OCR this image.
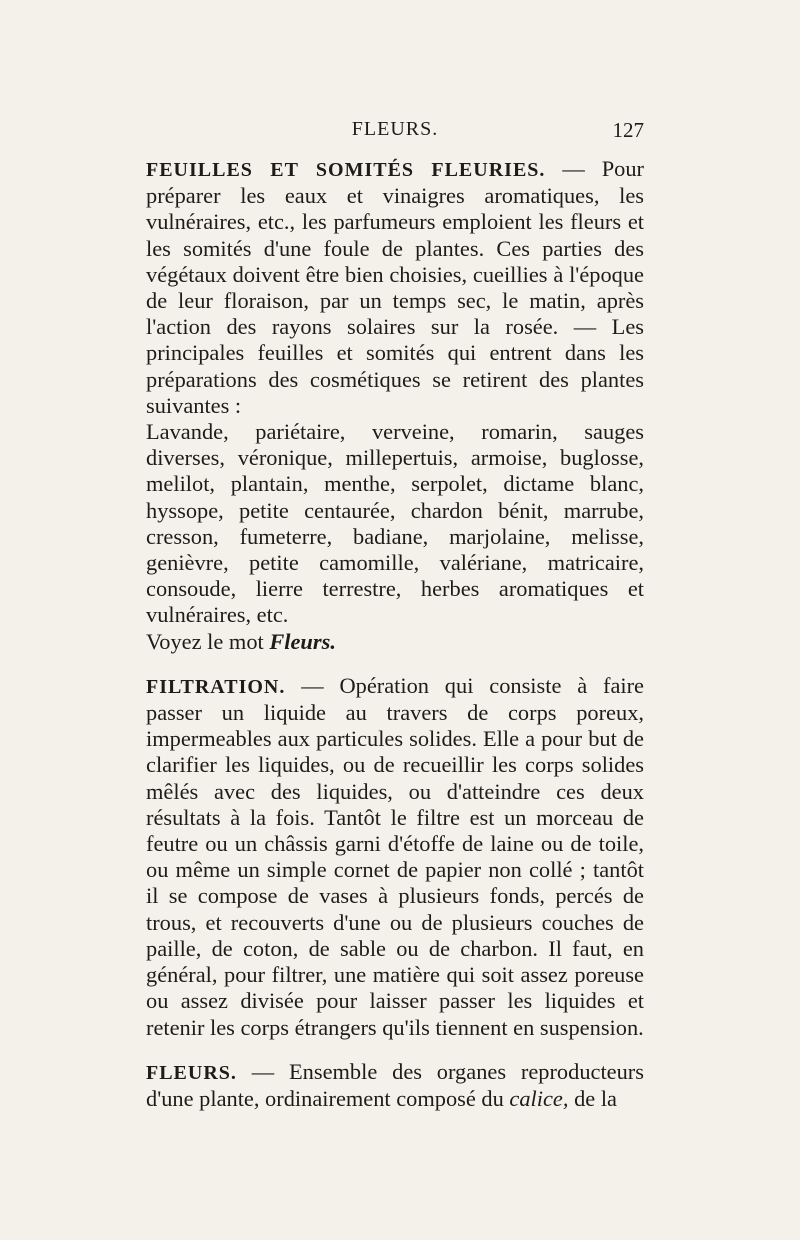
FLEURS.	127

FEUILLES ET SOMITÉS FLEURIES. — Pour préparer les eaux et vinaigres aromatiques, les vulnéraires, etc., les parfumeurs emploient les fleurs et les somités d'une foule de plantes. Ces parties des végétaux doivent être bien choisies, cueillies à l'époque de leur floraison, par un temps sec, le matin, après l'action des rayons solaires sur la rosée. — Les principales feuilles et somités qui entrent dans les préparations des cosmétiques se retirent des plantes suivantes :

Lavande, pariétaire, verveine, romarin, sauges diverses, véronique, millepertuis, armoise, buglosse, melilot, plantain, menthe, serpolet, dictame blanc, hyssope, petite centaurée, chardon bénit, marrube, cresson, fumeterre, badiane, marjolaine, melisse, genièvre, petite camomille, valériane, matricaire, consoude, lierre terrestre, herbes aromatiques et vulnéraires, etc.

Voyez le mot Fleurs.

FILTRATION. — Opération qui consiste à faire passer un liquide au travers de corps poreux, impermeables aux particules solides. Elle a pour but de clarifier les liquides, ou de recueillir les corps solides mêlés avec des liquides, ou d'atteindre ces deux résultats à la fois. Tantôt le filtre est un morceau de feutre ou un châssis garni d'étoffe de laine ou de toile, ou même un simple cornet de papier non collé ; tantôt il se compose de vases à plusieurs fonds, percés de trous, et recouverts d'une ou de plusieurs couches de paille, de coton, de sable ou de charbon. Il faut, en général, pour filtrer, une matière qui soit assez poreuse ou assez divisée pour laisser passer les liquides et retenir les corps étrangers qu'ils tiennent en suspension.

FLEURS. — Ensemble des organes reproducteurs d'une plante, ordinairement composé du calice, de la
